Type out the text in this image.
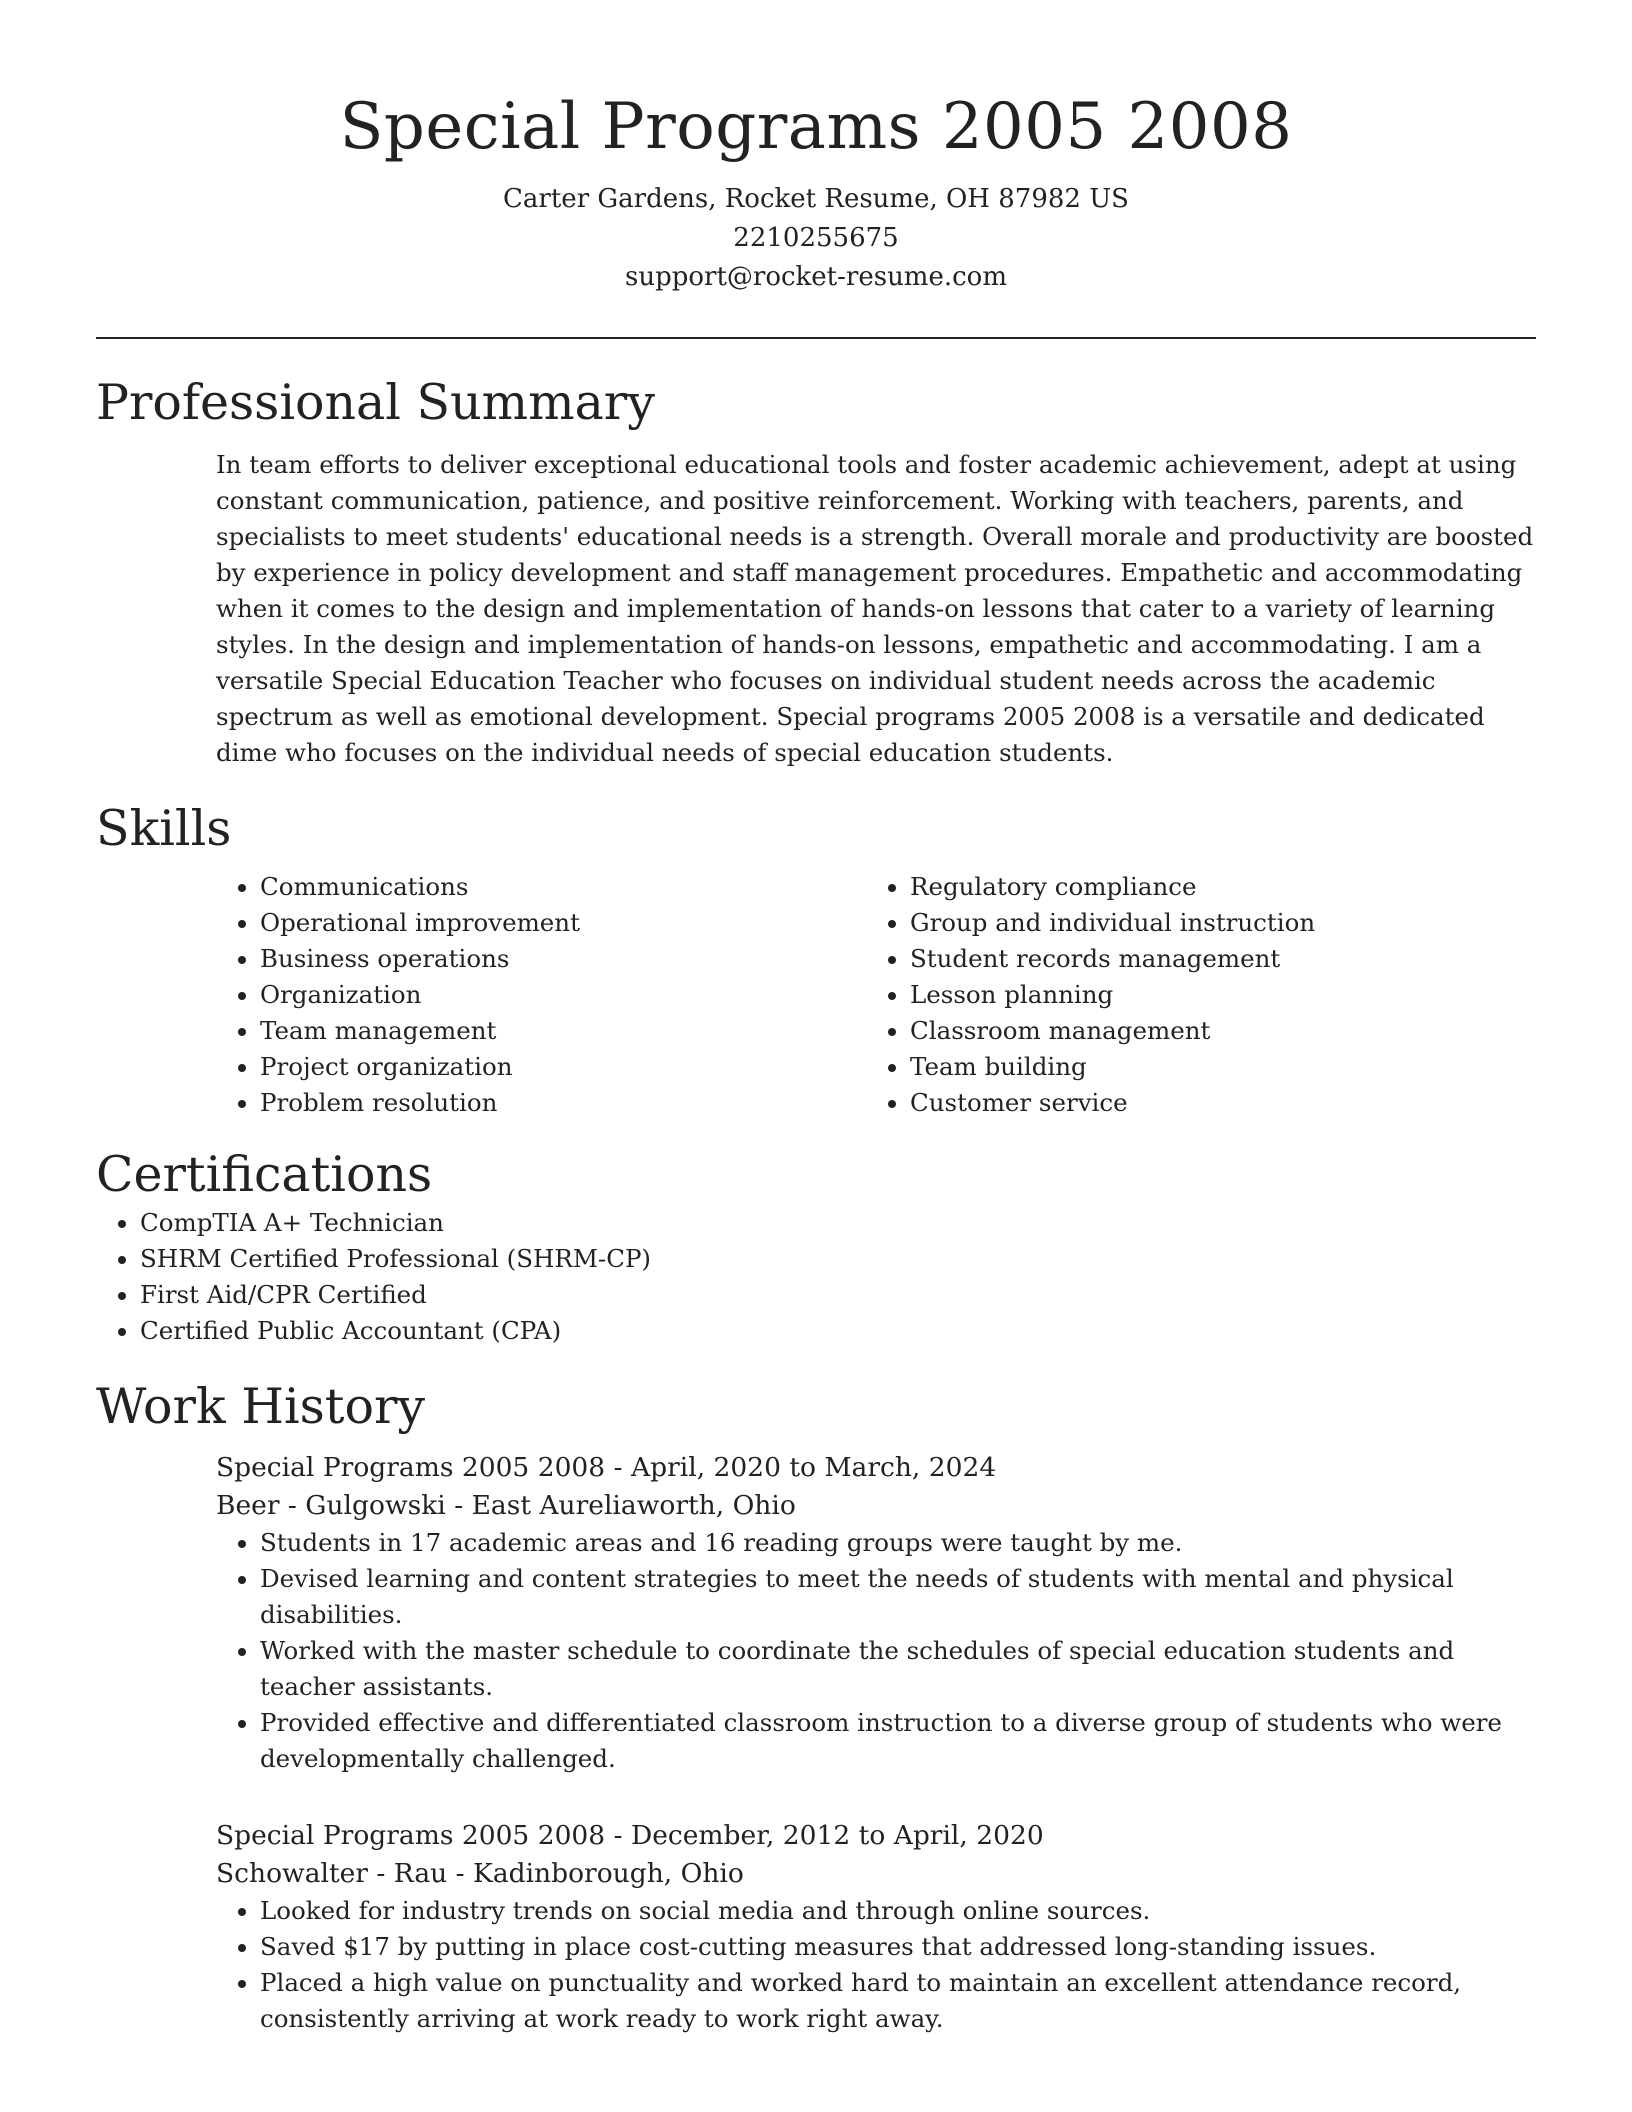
Special Programs 2005 2008
Carter Gardens, Rocket Resume, OH 87982 US
2210255675
support@rocket-resume.com
Professional Summary

In team efforts to deliver exceptional educational tools and foster academic achievement, adept at using constant communication, patience, and positive reinforcement. Working with teachers, parents, and specialists to meet students' educational needs is a strength. Overall morale and productivity are boosted by experience in policy development and staff management procedures. Empathetic and accommodating when it comes to the design and implementation of hands-on lessons that cater to a variety of learning styles. In the design and implementation of hands-on lessons, empathetic and accommodating. I am a versatile Special Education Teacher who focuses on individual student needs across the academic spectrum as well as emotional development. Special programs 2005 2008 is a versatile and dedicated dime who focuses on the individual needs of special education students.

Skills
• Communications
• Operational improvement
• Business operations
• Organization
• Team management
• Project organization
• Problem resolution
• Regulatory compliance
• Group and individual instruction
• Student records management
• Lesson planning
• Classroom management
• Team building
• Customer service
Certifications
• CompTIA A+ Technician
• SHRM Certified Professional (SHRM-CP)
• First Aid/CPR Certified
• Certified Public Accountant (CPA)
Work History
Special Programs 2005 2008 - April, 2020 to March, 2024
Beer - Gulgowski - East Aureliaworth, Ohio
• Students in 17 academic areas and 16 reading groups were taught by me.
• Devised learning and content strategies to meet the needs of students with mental and physical disabilities.
• Worked with the master schedule to coordinate the schedules of special education students and teacher assistants.
• Provided effective and differentiated classroom instruction to a diverse group of students who were developmentally challenged.
Special Programs 2005 2008 - December, 2012 to April, 2020
Schowalter - Rau - Kadinborough, Ohio
• Looked for industry trends on social media and through online sources.
• Saved $17 by putting in place cost-cutting measures that addressed long-standing issues.
• Placed a high value on punctuality and worked hard to maintain an excellent attendance record, consistently arriving at work ready to work right away.
